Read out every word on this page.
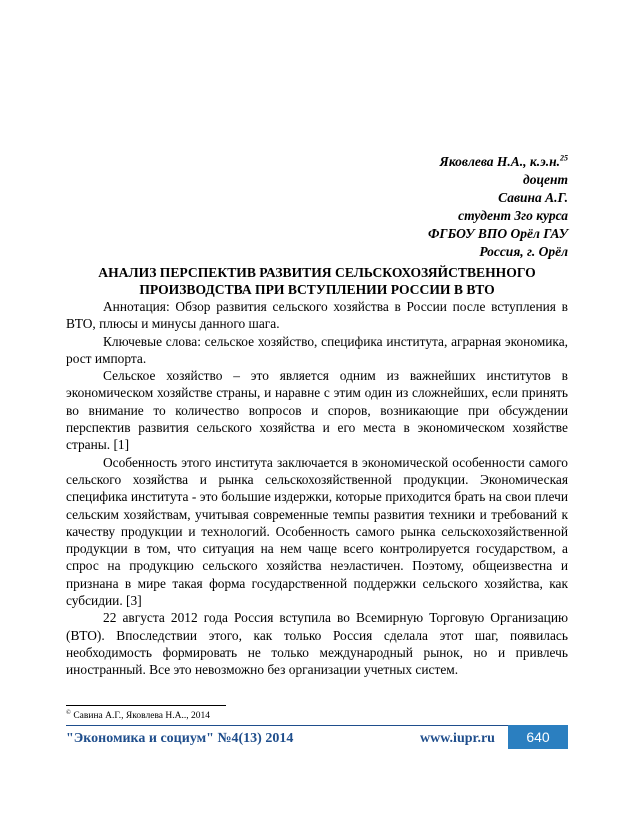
Яковлева Н.А., к.э.н.$^{25}$
доцент
Савина А.Г.
студент 3го курса
ФГБОУ ВПО Орёл ГАУ
Россия, г. Орёл
АНАЛИЗ ПЕРСПЕКТИВ РАЗВИТИЯ СЕЛЬСКОХОЗЯЙСТВЕННОГО
ПРОИЗВОДСТВА ПРИ ВСТУПЛЕНИИ РОССИИ В ВТО

Аннотация: Обзор развития сельского хозяйства в России после вступления в ВТО, плюсы и минусы данного шага.

Ключевые слова: сельское хозяйство, специфика института, аграрная экономика, рост импорта.

Сельское хозяйство – это является одним из важнейших институтов в экономическом хозяйстве страны, и наравне с этим один из сложнейших, если принять во внимание то количество вопросов и споров, возникающие при обсуждении перспектив развития сельского хозяйства и его места в экономическом хозяйстве страны. [1]

Особенность этого института заключается в экономической особенности самого сельского хозяйства и рынка сельскохозяйственной продукции. Экономическая специфика института - это большие издержки, которые приходится брать на свои плечи сельским хозяйствам, учитывая современные темпы развития техники и требований к качеству продукции и технологий. Особенность самого рынка сельскохозяйственной продукции в том, что ситуация на нем чаще всего контролируется государством, а спрос на продукцию сельского хозяйства неэластичен. Поэтому, общеизвестна и признана в мире такая форма государственной поддержки сельского хозяйства, как субсидии. [3]

22 августа 2012 года Россия вступила во Всемирную Торговую Организацию (ВТО). Впоследствии этого, как только Россия сделала этот шаг, появилась необходимость формировать не только международный рынок, но и привлечь иностранный. Все это невозможно без организации учетных систем.

© Савина А.Г., Яковлева Н.А.., 2014
"Экономика и социум" №4(13) 2014	www.iupr.ru	640
